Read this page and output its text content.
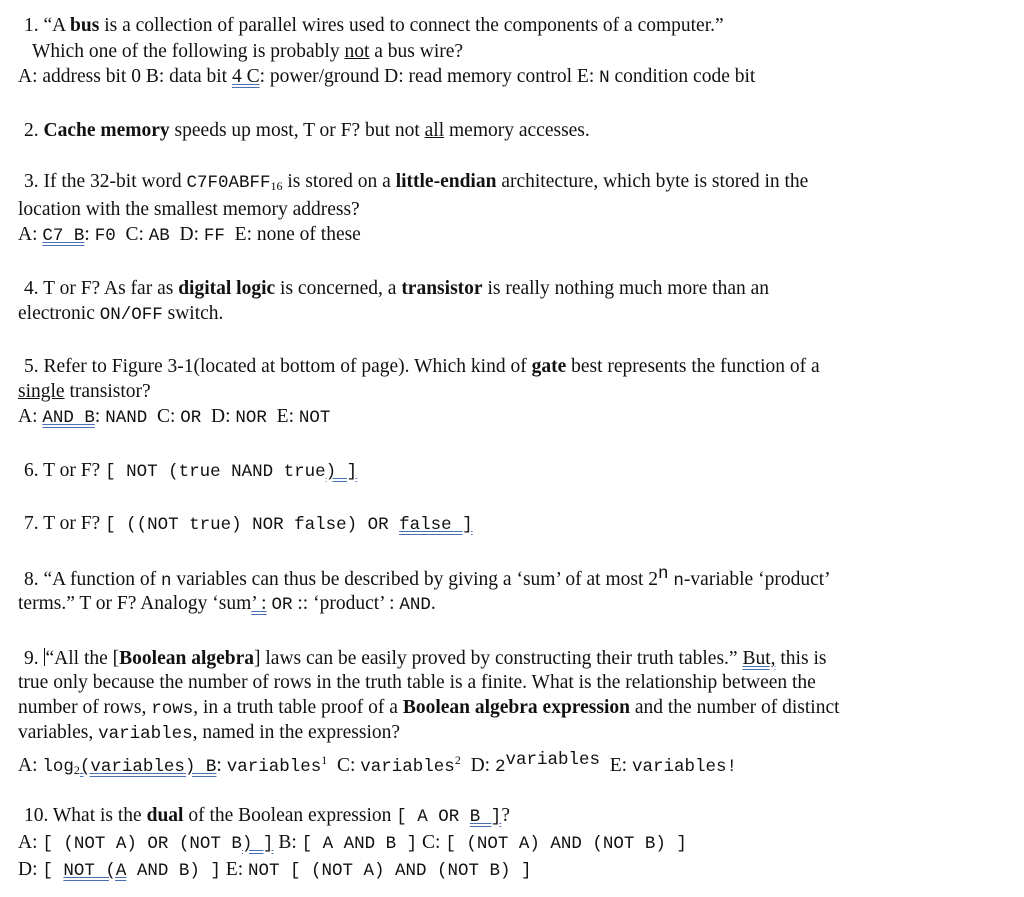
1. “A bus is a collection of parallel wires used to connect the components of a computer.”
Which one of the following is probably not a bus wire?
A: address bit 0 B: data bit 4 C: power/ground D: read memory control E: N condition code bit
2. Cache memory speeds up most, T or F? but not all memory accesses.
3. If the 32-bit word $C7F0ABFF_{16}$ is stored on a little-endian architecture, which byte is stored in the
location with the smallest memory address?
A: C7 B: F0  C: AB  D: FF  E: none of these
4. T or F? As far as digital logic is concerned, a transistor is really nothing much more than an
electronic ON/OFF switch.
5. Refer to Figure 3-1(located at bottom of page). Which kind of gate best represents the function of a
single transistor?
A: AND B: NAND  C: OR  D: NOR  E: NOT
6. T or F? [ NOT (true NAND true) ]
7. T or F? [ ((NOT true) NOR false) OR false ]
8. “A function of n variables can thus be described by giving a ‘sum’ of at most 2$^n$ n-variable ‘product’
terms.” T or F? Analogy ‘sum’ : OR :: ‘product’ : AND.
9. “All the [Boolean algebra] laws can be easily proved by constructing their truth tables.” But, this is
true only because the number of rows in the truth table is a finite. What is the relationship between the
number of rows, rows, in a truth table proof of a Boolean algebra expression and the number of distinct
variables, variables, named in the expression?
A: $\log_2(variables)$ B: variables$^1$  C: variables$^2$  D: $2^{variables}$  E: variables!
10. What is the dual of the Boolean expression [ A OR B ]?
A: [ (NOT A) OR (NOT B) ] B: [ A AND B ] C: [ (NOT A) AND (NOT B) ]
D: [ NOT (A AND B) ] E: NOT [ (NOT A) AND (NOT B) ]
